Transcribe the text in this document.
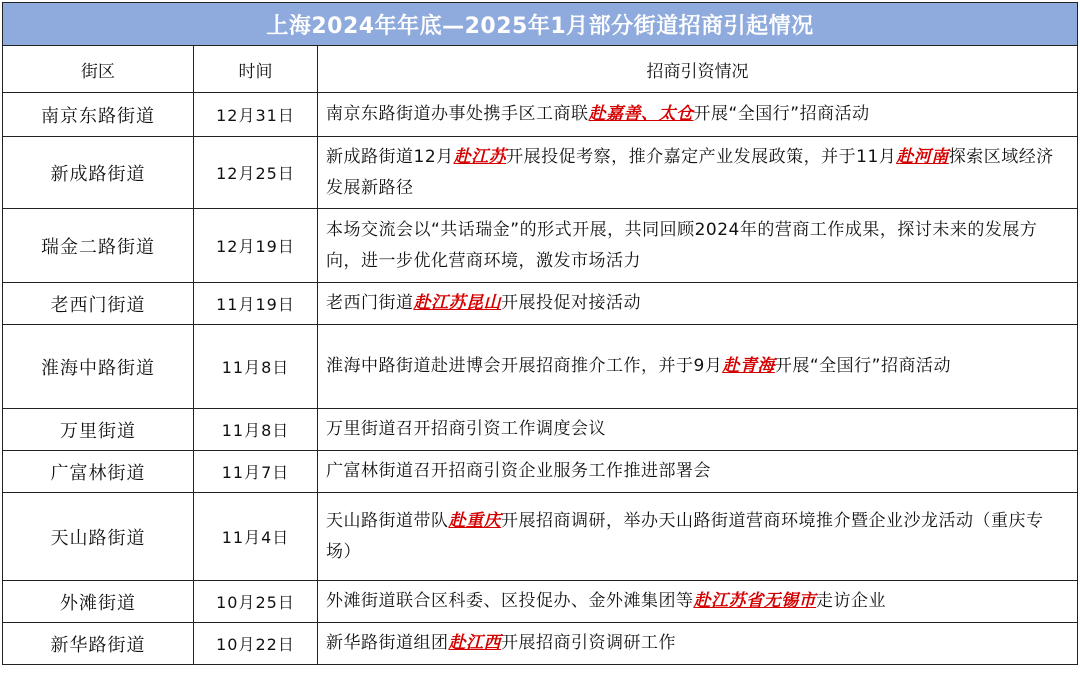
上海2024年年底—2025年1月部分街道招商引起情况		
街区	时间	招商引资情况
南京东路街道	12月31日	南京东路街道办事处携手区工商联赴嘉善、太仓开展“全国行”招商活动
新成路街道	12月25日	新成路街道12月赴江苏开展投促考察，推介嘉定产业发展政策，并于11月赴河南探索区域经济发展新路径
瑞金二路街道	12月19日	本场交流会以“共话瑞金”的形式开展，共同回顾2024年的营商工作成果，探讨未来的发展方向，进一步优化营商环境，激发市场活力
老西门街道	11月19日	老西门街道赴江苏昆山开展投促对接活动
淮海中路街道	11月8日	淮海中路街道赴进博会开展招商推介工作，并于9月赴青海开展“全国行”招商活动
万里街道	11月8日	万里街道召开招商引资工作调度会议
广富林街道	11月7日	广富林街道召开招商引资企业服务工作推进部署会
天山路街道	11月4日	天山路街道带队赴重庆开展招商调研，举办天山路街道营商环境推介暨企业沙龙活动（重庆专场）
外滩街道	10月25日	外滩街道联合区科委、区投促办、金外滩集团等赴江苏省无锡市走访企业
新华路街道	10月22日	新华路街道组团赴江西开展招商引资调研工作
